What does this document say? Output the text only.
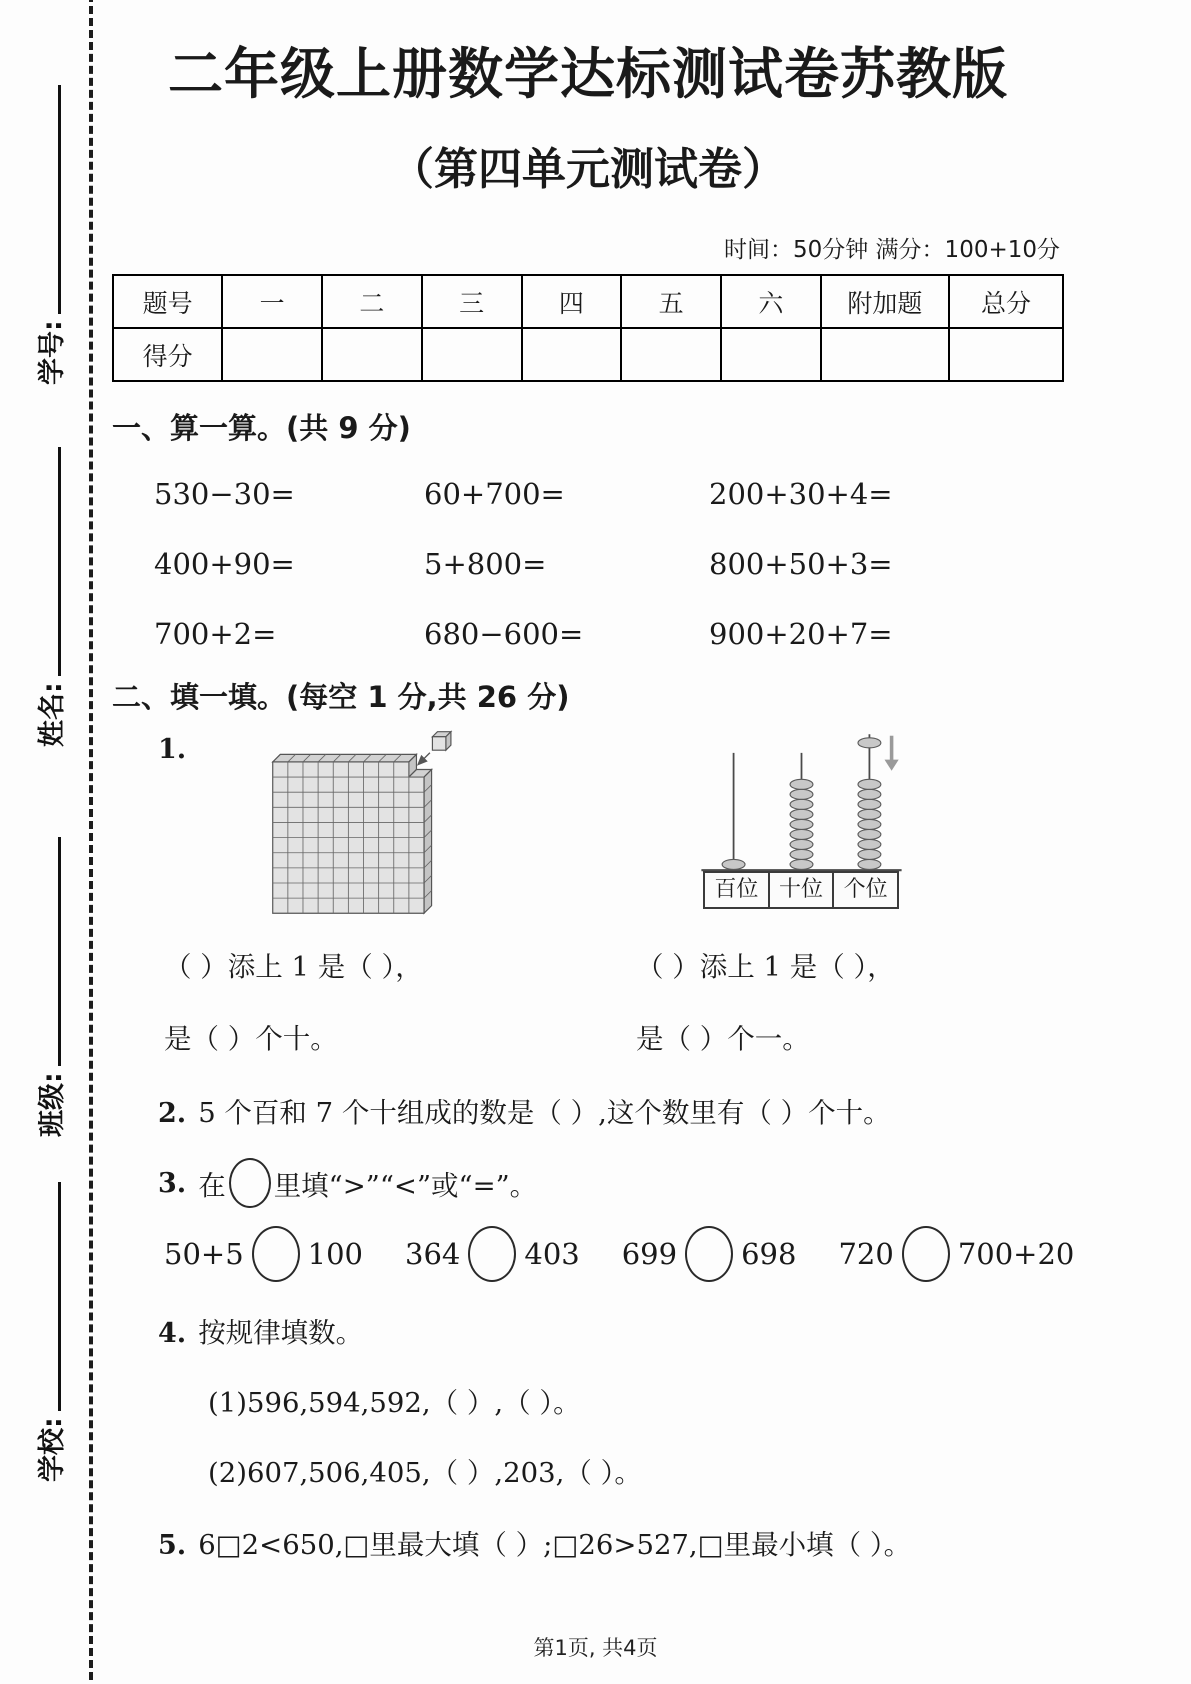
学号:
姓名:
班级:
学校:
二年级上册数学达标测试卷苏教版
（第四单元测试卷）
时间：50分钟 满分：100+10分
题号	一	二	三	四	五	六	附加题	总分
得分								
一、算一算。(共 9 分)
530−30=	60+700=	200+30+4=
400+90=	5+800=	800+50+3=
700+2=	680−600=	900+20+7=
二、填一填。(每空 1 分,共 26 分)
1.
百位 十位 个位
（ ）添上 1 是（ ），	（ ）添上 1 是（ ），
是（ ）个十。	是（ ）个一。
2. 5 个百和 7 个十组成的数是（ ）,这个数里有（ ）个十。
3. 在 里填“>”“<”或“=”。
50+5 100 364 403 699 698 720 700+20
4. 按规律填数。
(1)596,594,592,（ ）,（ ）。
(2)607,506,405,（ ）,203,（ ）。
5. 6□2<650,□里最大填（ ）;□26>527,□里最小填（ ）。
第1页, 共4页
